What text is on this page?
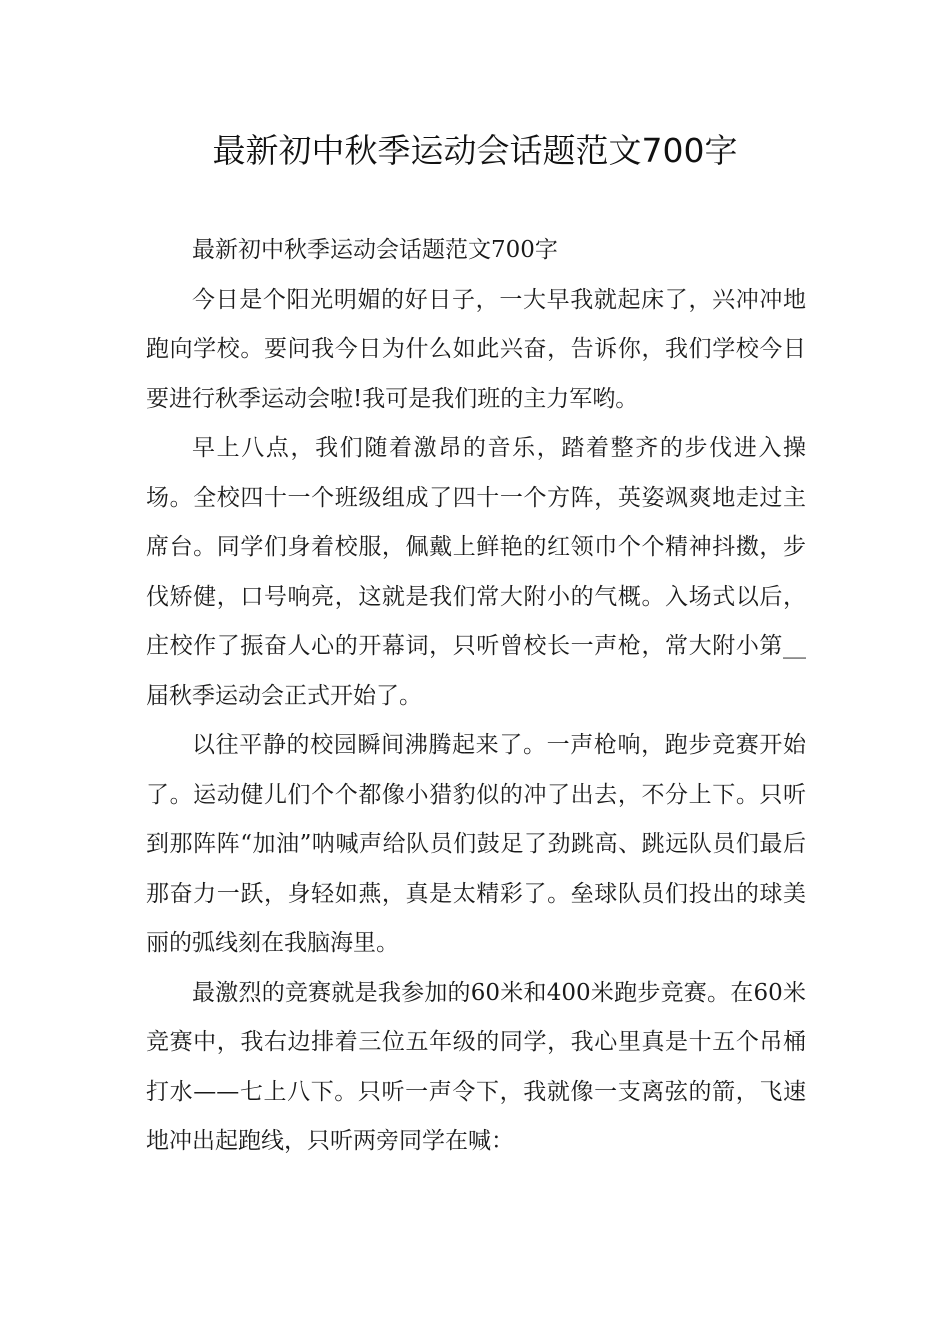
最新初中秋季运动会话题范文700字

最新初中秋季运动会话题范文700字

今日是个阳光明媚的好日子，一大早我就起床了，兴冲冲地跑向学校。要问我今日为什么如此兴奋，告诉你，我们学校今日要进行秋季运动会啦!我可是我们班的主力军哟。

早上八点，我们随着激昂的音乐，踏着整齐的步伐进入操场。全校四十一个班级组成了四十一个方阵，英姿飒爽地走过主席台。同学们身着校服，佩戴上鲜艳的红领巾个个精神抖擞，步伐矫健，口号响亮，这就是我们常大附小的气概。入场式以后，庄校作了振奋人心的开幕词，只听曾校长一声枪，常大附小第__届秋季运动会正式开始了。

以往平静的校园瞬间沸腾起来了。一声枪响，跑步竞赛开始了。运动健儿们个个都像小猎豹似的冲了出去，不分上下。只听到那阵阵“加油”呐喊声给队员们鼓足了劲跳高、跳远队员们最后那奋力一跃，身轻如燕，真是太精彩了。垒球队员们投出的球美丽的弧线刻在我脑海里。

最激烈的竞赛就是我参加的60米和400米跑步竞赛。在60米竞赛中，我右边排着三位五年级的同学，我心里真是十五个吊桶打水——七上八下。只听一声令下，我就像一支离弦的箭，飞速地冲出起跑线，只听两旁同学在喊：
